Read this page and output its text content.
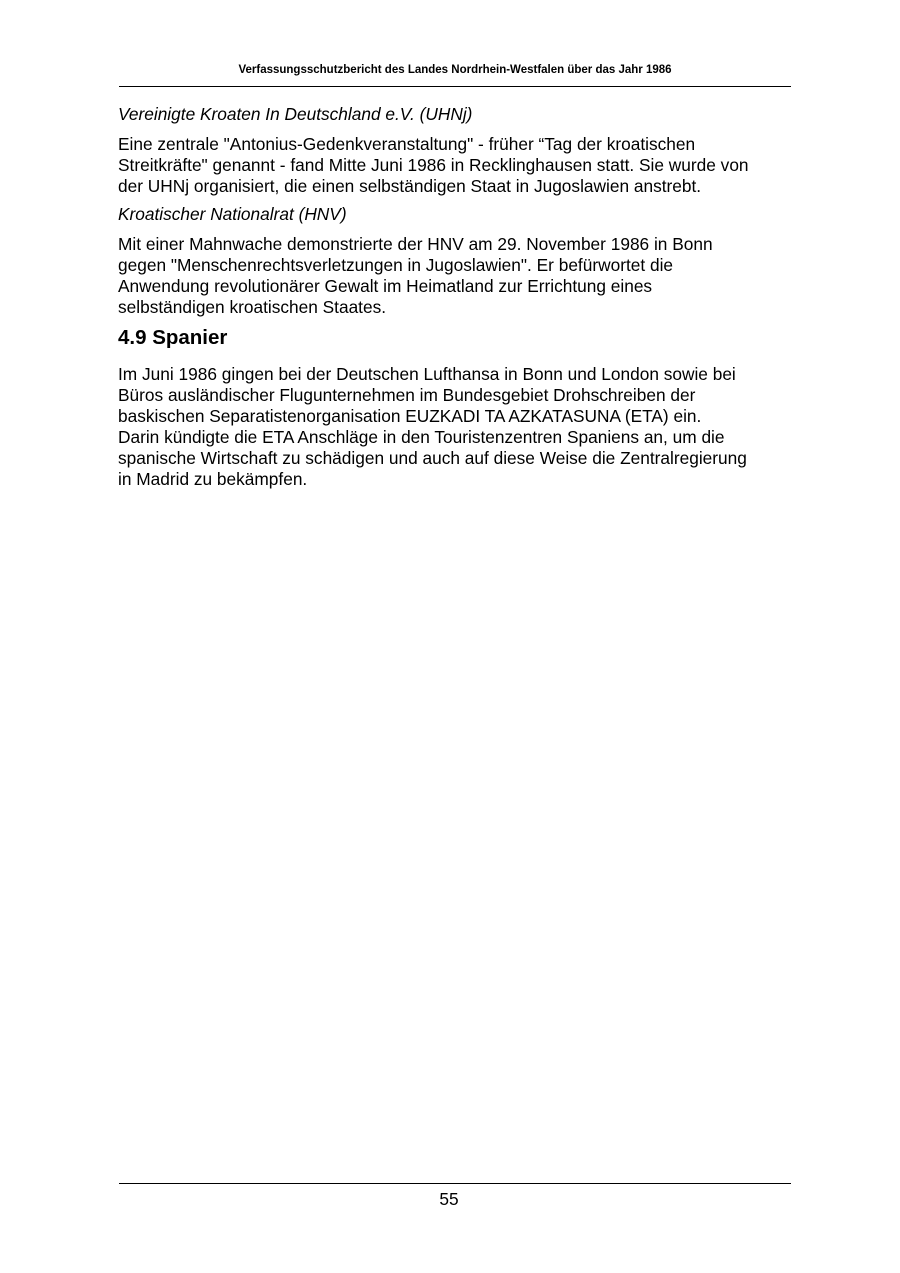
Verfassungsschutzbericht des Landes Nordrhein-Westfalen über das Jahr 1986
Vereinigte Kroaten In Deutschland e.V. (UHNj)
Eine zentrale "Antonius-Gedenkveranstaltung" - früher “Tag der kroatischen
Streitkräfte" genannt - fand Mitte Juni 1986 in Recklinghausen statt. Sie wurde von
der UHNj organisiert, die einen selbständigen Staat in Jugoslawien anstrebt.
Kroatischer Nationalrat (HNV)
Mit einer Mahnwache demonstrierte der HNV am 29. November 1986 in Bonn
gegen "Menschenrechtsverletzungen in Jugoslawien". Er befürwortet die
Anwendung revolutionärer Gewalt im Heimatland zur Errichtung eines
selbständigen kroatischen Staates.
4.9 Spanier
Im Juni 1986 gingen bei der Deutschen Lufthansa in Bonn und London sowie bei
Büros ausländischer Flugunternehmen im Bundesgebiet Drohschreiben der
baskischen Separatistenorganisation EUZKADI TA AZKATASUNA (ETA) ein.
Darin kündigte die ETA Anschläge in den Touristenzentren Spaniens an, um die
spanische Wirtschaft zu schädigen und auch auf diese Weise die Zentralregierung
in Madrid zu bekämpfen.
55
